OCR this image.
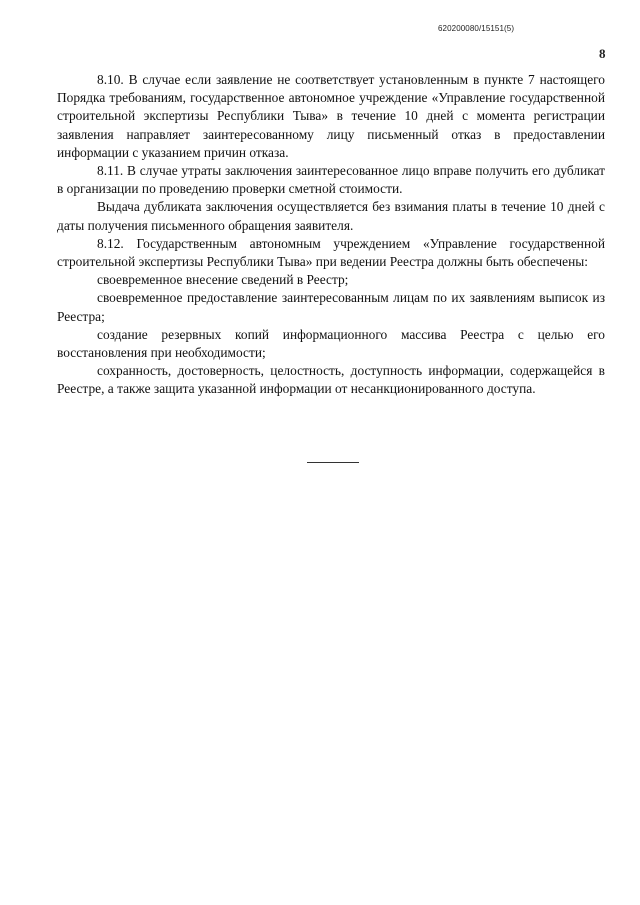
620200080/15151(5)
8

8.10. В случае если заявление не соответствует установленным в пункте 7 настоящего Порядка требованиям, государственное автономное учреждение «Управление государственной строительной экспертизы Республики Тыва» в течение 10 дней с момента регистрации заявления направляет заинтересованному лицу письменный отказ в предоставлении информации с указанием причин отказа.

8.11. В случае утраты заключения заинтересованное лицо вправе получить его дубликат в организации по проведению проверки сметной стоимости.

Выдача дубликата заключения осуществляется без взимания платы в течение 10 дней с даты получения письменного обращения заявителя.

8.12. Государственным автономным учреждением «Управление государственной строительной экспертизы Республики Тыва» при ведении Реестра должны быть обеспечены:

своевременное внесение сведений в Реестр;

своевременное предоставление заинтересованным лицам по их заявлениям выписок из Реестра;

создание резервных копий информационного массива Реестра с целью его восстановления при необходимости;

сохранность, достоверность, целостность, доступность информации, содержащейся в Реестре, а также защита указанной информации от несанкционированного доступа.
